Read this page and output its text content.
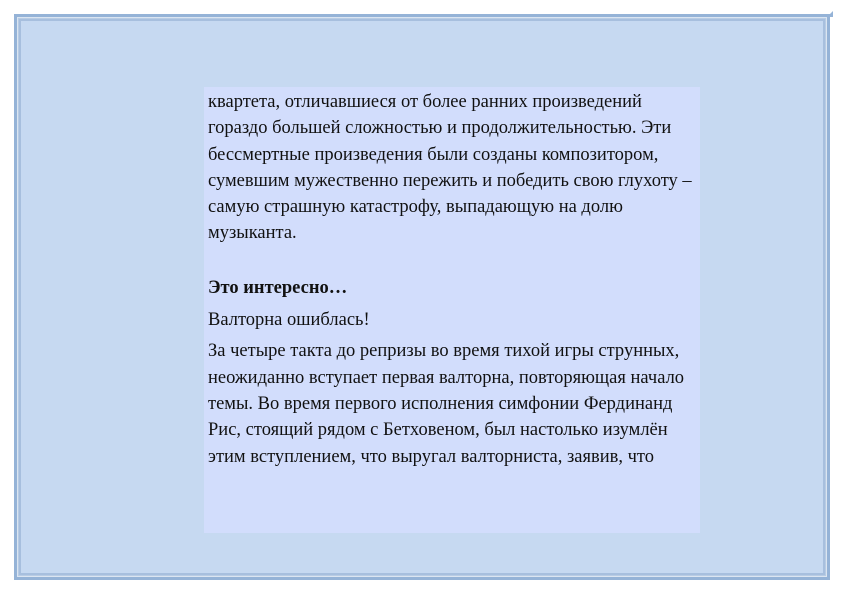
квартета, отличавшиеся от более ранних произведений гораздо большей сложностью и продолжительностью. Эти бессмертные произведения были созданы композитором, сумевшим мужественно пережить и победить свою глухоту – самую страшную катастрофу, выпадающую на долю музыканта.

Это интересно…

Валторна ошиблась!

За четыре такта до репризы во время тихой игры струнных, неожиданно вступает первая валторна, повторяющая начало темы. Во время первого исполнения симфонии Фердинанд Рис, стоящий рядом с Бетховеном, был настолько изумлён этим вступлением, что выругал валторниста, заявив, что
